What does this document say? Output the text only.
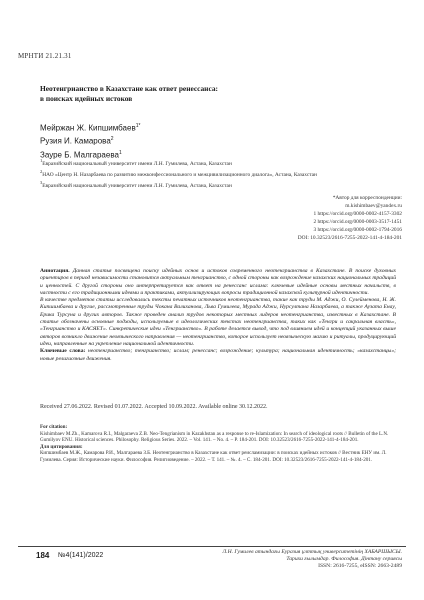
МРНТИ 21.21.31
Неотенгрианство в Казахстане как ответ ренессанса:
в поисках идейных истоков
Мейржан Ж. Кипшимбаев$^{1*}$
Рузия И. Камарова$^2$
Зауре Б. Малгараева$^1$
$^1$Евразийский национальный университет имени Л.Н. Гумилева, Астана, Казахстан
$^2$НАО «Центр Н. Назарбаева по развитию межконфессионального и межцивилизационного диалога», Астана, Казахстан
$^3$Евразийский национальный университет имени Л.Н. Гумилева, Астана, Казахстан
*Автор для корреспонденции:
m.kishimbaev@yandex.ru
1 https://orcid.org/0000-0002-4157-3302
2 https://orcid.org/0000-0003-3517-1451
3 https://orcid.org/0000-0002-1794-2016
DOI: 10.32523/2616-7255-2022-141-4-184-201

Аннотация. Данная статья посвящена поиску идейных основ и истоков современного неотенгрианства в Казахстане. В поиске духовных ориентиров в период независимости становится актуальным тенгрианство, с одной стороны как возрождение казахских национальных традиций и ценностей. С другой стороны оно интерпретируется как ответ на ренессанс ислама: ключевые идейные основы местных начальств, в частности с его традиционными идеями и практиками, актуализирующих вопросы традиционной казахской культурной идентичности.

В качестве предметов статьи исследовались тексты печатных источников неотенгрианства, такие как труды М. Аджи, О. Сулейменова, Н. Ж. Кипшимбаева и другие, рассмотренные труды Чокана Валиханова, Льва Гумилева, Мурада Аджи, Нурсултана Назарбаева, а также Аузата Енау, Ерика Турсуна и других авторов. Также проведен анализ трудов некоторых местных лидеров неотенгрианства, известных в Казахстане. В статье обозначены основные подходы, используемые в идеологических текстах неотенгрианства, таких как «Тенгри и сакральная власть», «Тенгрианство и КАСЯЕТ». Синкретические идеи «Тенгрианство». В работе делается вывод, что под влиянием идей и концепций указанных выше авторов возникло движение неоязыческого направления — неотенгрианство, которое использует неоязыческую магию и ритуалы, продуцирующий идеи, направленные на укрепление национальной идентичности.

Ключевые слова: неотенгрианство; тенгрианство; ислам; ренессанс; возрождение; культура; национальная идентичность; «казахстанцы»; новые религиозные движения.

Received 27.06.2022. Revised 01.07.2022. Accepted 10.09.2022. Available online 30.12.2022.
For citation:
Kishimbaev M.Zh., Kamarova R.I., Malgaraeva Z.B. Neo-Tengrianism in Kazakhstan as a response to re-Islamization: In search of ideological roots // Bulletin of the L.N. Gumilyov ENU. Historical sciences. Philosophy. Religious Series. 2022. – Vol. 141. – No. 4. – P. 184-201. DOI: 10.32523/2616-7255-2022-141-4-184-201.
Для цитирования:
Кипшимбаев М.Ж., Камарова Р.И., Малгараева З.Б. Неотенгрианство в Казахстане как ответ реисламизации: в поисках идейных истоков // Вестник ЕНУ им. Л. Гумилева. Серия: Исторические науки. Философия. Религиоведение. – 2022. – Т. 141. – №. 4. – С. 184-201. DOI: 10.32523/2616-7255-2022-141-4-184-201.
184 №4(141)/2022	Л.Н. Гумилев атындағы Еуразия ұлттық университетінің ХАБАРШЫСЫ.
Тарихи ғылымдар. Философия. Дінтану сериясы
ISSN: 2616-7255, eISSN: 2663-2489
